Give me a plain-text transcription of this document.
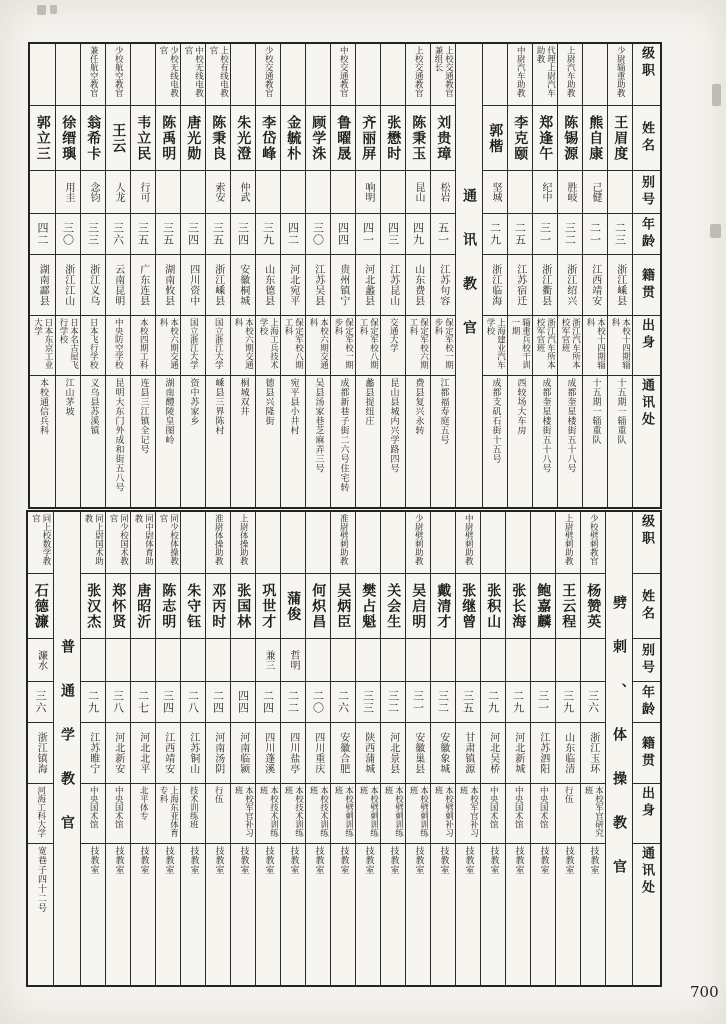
级职
姓名
别号
年龄
籍贯
出身
通讯处
少尉辎重助教
王眉度
二三
浙江嵊县
本校十四期辎科
十五期一辎重队
熊自康
己健
二一
江西靖安
本校十四期辎科
十五期一辎重队
上尉汽车助教
陈锡源
胜岐
三二
浙江绍兴
浙江汽车所本校军官班
成都奎星楼街五十八号
代理上尉汽车助教
郑逢午
纪中
三一
浙江衢县
浙江汽车所本校军官班
成都奎星楼街五十八号
中尉汽车助教
李克颐
二五
江苏宿迁
辎重兵校干训一期
西较场大车房
郭楷
坚城
二九
浙江临海
上海建业汽车学校
成都支矶石街十五号
通讯教官
上校交通教官兼组长
刘贵璋
松岩
五一
江苏句容
保定军校一期步科
江都福寿庭五号
上校交通教官
陈秉玉
昆山
四九
山东费县
保定军校六期工科
费县复兴永转
张懋时
四三
江苏昆山
交通大学
昆山县城内兴学路四号
齐丽屏
响明
四一
河北蠡县
保定军校八期工科
蠡县提纽庄
中校交通教官
鲁曜晟
四四
贵州镇宁
保定军校一期步科
成都新巷子街二六号住宅转
顾学洙
三〇
江苏吴县
本校六期交通科
吴县汤家巷芝麻弄三号
金毓朴
四二
河北宛平
保定军校八期工科
宛平县小井村
少校交通教官
李岱峰
三九
山东德县
上海工兵技术学校
德县兴隆街
朱光澄
仲武
三四
安徽桐城
本校六期交通科
桐城双井
上校有线电教官
陈秉良
索安
三五
浙江嵊县
国立浙江大学
嵊县三界陈村
中校无线电教官
唐光勋
三四
四川资中
国立浙江大学
资中苏家乡
少校无线电教官
陈禹明
三五
湖南攸县
本校六期交通科
湖南醴陵皇图岭
韦立民
行可
三五
广东连县
本校四期工科
连县三江镇全记号
少校航空教官
王云
人龙
三六
云南昆明
中央防空学校
昆明大东门外成和街五八号
兼任航空教官
翁希卡
念钧
三三
浙江义乌
日本飞行学校
义乌县苏溪镇
徐缙璵
用圭
三〇
浙江江山
日本名古屋飞行学校
江山茅坡
郭立三
四二
湖南酃县
日本东京工业大学
本校通信兵科
级职
姓名
别号
年龄
籍贯
出身
通讯处
劈刺、体操教官
少校劈刺教官
杨赞英
三六
浙江玉环
本校军官研究班
技教室
上尉劈刺助教
王云程
三九
山东临清
行伍
技教室
鲍嘉麟
三一
江苏泗阳
中央国术馆
技教室
张长海
二九
河北新城
中央国术馆
技教室
张积山
二九
河北吴桥
中央国术馆
技教室
中尉劈刺助教
张继曾
三五
甘肃镇源
本校军官补习班
技教室
戴清才
三二
安徽象城
本校劈刺补习班
技教室
少尉劈刺助教
吴启明
三一
安徽巢县
本校劈刺训练班
技教室
关会生
三二
河北景县
本校劈刺训练班
技教室
樊占魁
三三
陕西蒲城
本校劈刺训练班
技教室
准尉劈刺助教
吴炳臣
二六
安徽合肥
本校劈刺训练班
技教室
何炽昌
二〇
四川重庆
本校技术训练班
技教室
蒲俊
哲明
二二
四川盐亭
本校技术训练班
技教室
巩世才
兼三
二四
四川蓬溪
本校技术训练班
技教室
上尉体操助教
张国林
四四
河南临颍
本校军官补习班
技教室
准尉体操助教
邓丙时
二四
河南汤阴
行伍
技教室
朱守钰
二八
江苏铜山
技术训练班
技教室
同少校体操教官
陈志明
三四
江西靖安
上海东亚体育专科
技教室
同中尉体育助教
唐昭沂
二七
河北北平
北平体专
技教室
同少校国术教官
郑怀贤
三八
河北新安
中央国术馆
技教室
同上尉国术助教
张汉杰
二九
江苏睢宁
中央国术馆
技教室
普通学教官
同上校数学教官
石德濂
濂水
三六
浙江镇海
河海工科大学
宽巷子四十二号
700
